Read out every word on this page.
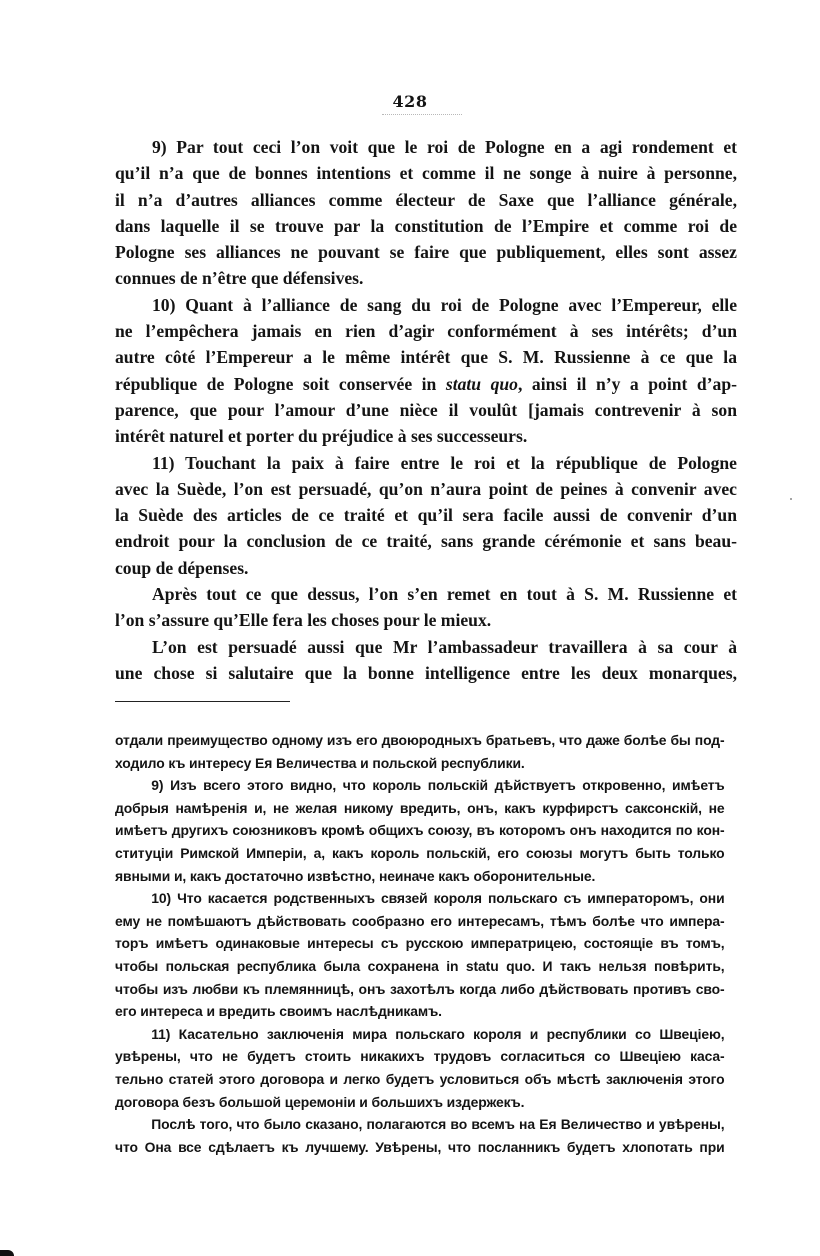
428

9) Par tout ceci l’on voit que le roi de Pologne en a agi rondement et
qu’il n’a que de bonnes intentions et comme il ne songe à nuire à personne,
il n’a d’autres alliances comme électeur de Saxe que l’alliance générale,
dans laquelle il se trouve par la constitution de l’Empire et comme roi de
Pologne ses alliances ne pouvant se faire que publiquement, elles sont assez
connues de n’être que défensives.

10) Quant à l’alliance de sang du roi de Pologne avec l’Empereur, elle
ne l’empêchera jamais en rien d’agir conformément à ses intérêts; d’un
autre côté l’Empereur a le même intérêt que S. M. Russienne à ce que la
république de Pologne soit conservée in statu quo, ainsi il n’y a point d’ap-
parence, que pour l’amour d’une nièce il voulût [jamais contrevenir à son
intérêt naturel et porter du préjudice à ses successeurs.

11) Touchant la paix à faire entre le roi et la république de Pologne
avec la Suède, l’on est persuadé, qu’on n’aura point de peines à convenir avec
la Suède des articles de ce traité et qu’il sera facile aussi de convenir d’un
endroit pour la conclusion de ce traité, sans grande cérémonie et sans beau-
coup de dépenses.

Après tout ce que dessus, l’on s’en remet en tout à S. M. Russienne et
l’on s’assure qu’Elle fera les choses pour le mieux.

L’on est persuadé aussi que Mr l’ambassadeur travaillera à sa cour à
une chose si salutaire que la bonne intelligence entre les deux monarques,

отдали преимущество одному изъ его двоюродныхъ братьевъ, что даже болѣе бы под-
ходило къ интересу Ея Величества и польской республики.

9) Изъ всего этого видно, что король польскій дѣйствуетъ откровенно, имѣетъ
добрыя намѣренія и, не желая никому вредить, онъ, какъ курфирстъ саксонскій, не
имѣетъ другихъ союзниковъ кромѣ общихъ союзу, въ которомъ онъ находится по кон-
ституціи Римской Имперіи, а, какъ король польскій, его союзы могутъ быть только
явными и, какъ достаточно извѣстно, неиначе какъ оборонительные.

10) Что касается родственныхъ связей короля польскаго съ императоромъ, они
ему не помѣшаютъ дѣйствовать сообразно его интересамъ, тѣмъ болѣе что импера-
торъ имѣетъ одинаковые интересы съ русскою императрицею, состоящіе въ томъ,
чтобы польская республика была сохранена in statu quo. И такъ нельзя повѣрить,
чтобы изъ любви къ племянницѣ, онъ захотѣлъ когда либо дѣйствовать противъ сво-
его интереса и вредить своимъ наслѣдникамъ.

11) Касательно заключенія мира польскаго короля и республики со Швеціею,
увѣрены, что не будетъ стоить никакихъ трудовъ согласиться со Швеціею каса-
тельно статей этого договора и легко будетъ условиться объ мѣстѣ заключенія этого
договора безъ большой церемоніи и большихъ издержекъ.

Послѣ того, что было сказано, полагаются во всемъ на Ея Величество и увѣрены,
что Она все сдѣлаетъ къ лучшему. Увѣрены, что посланникъ будетъ хлопотать при
